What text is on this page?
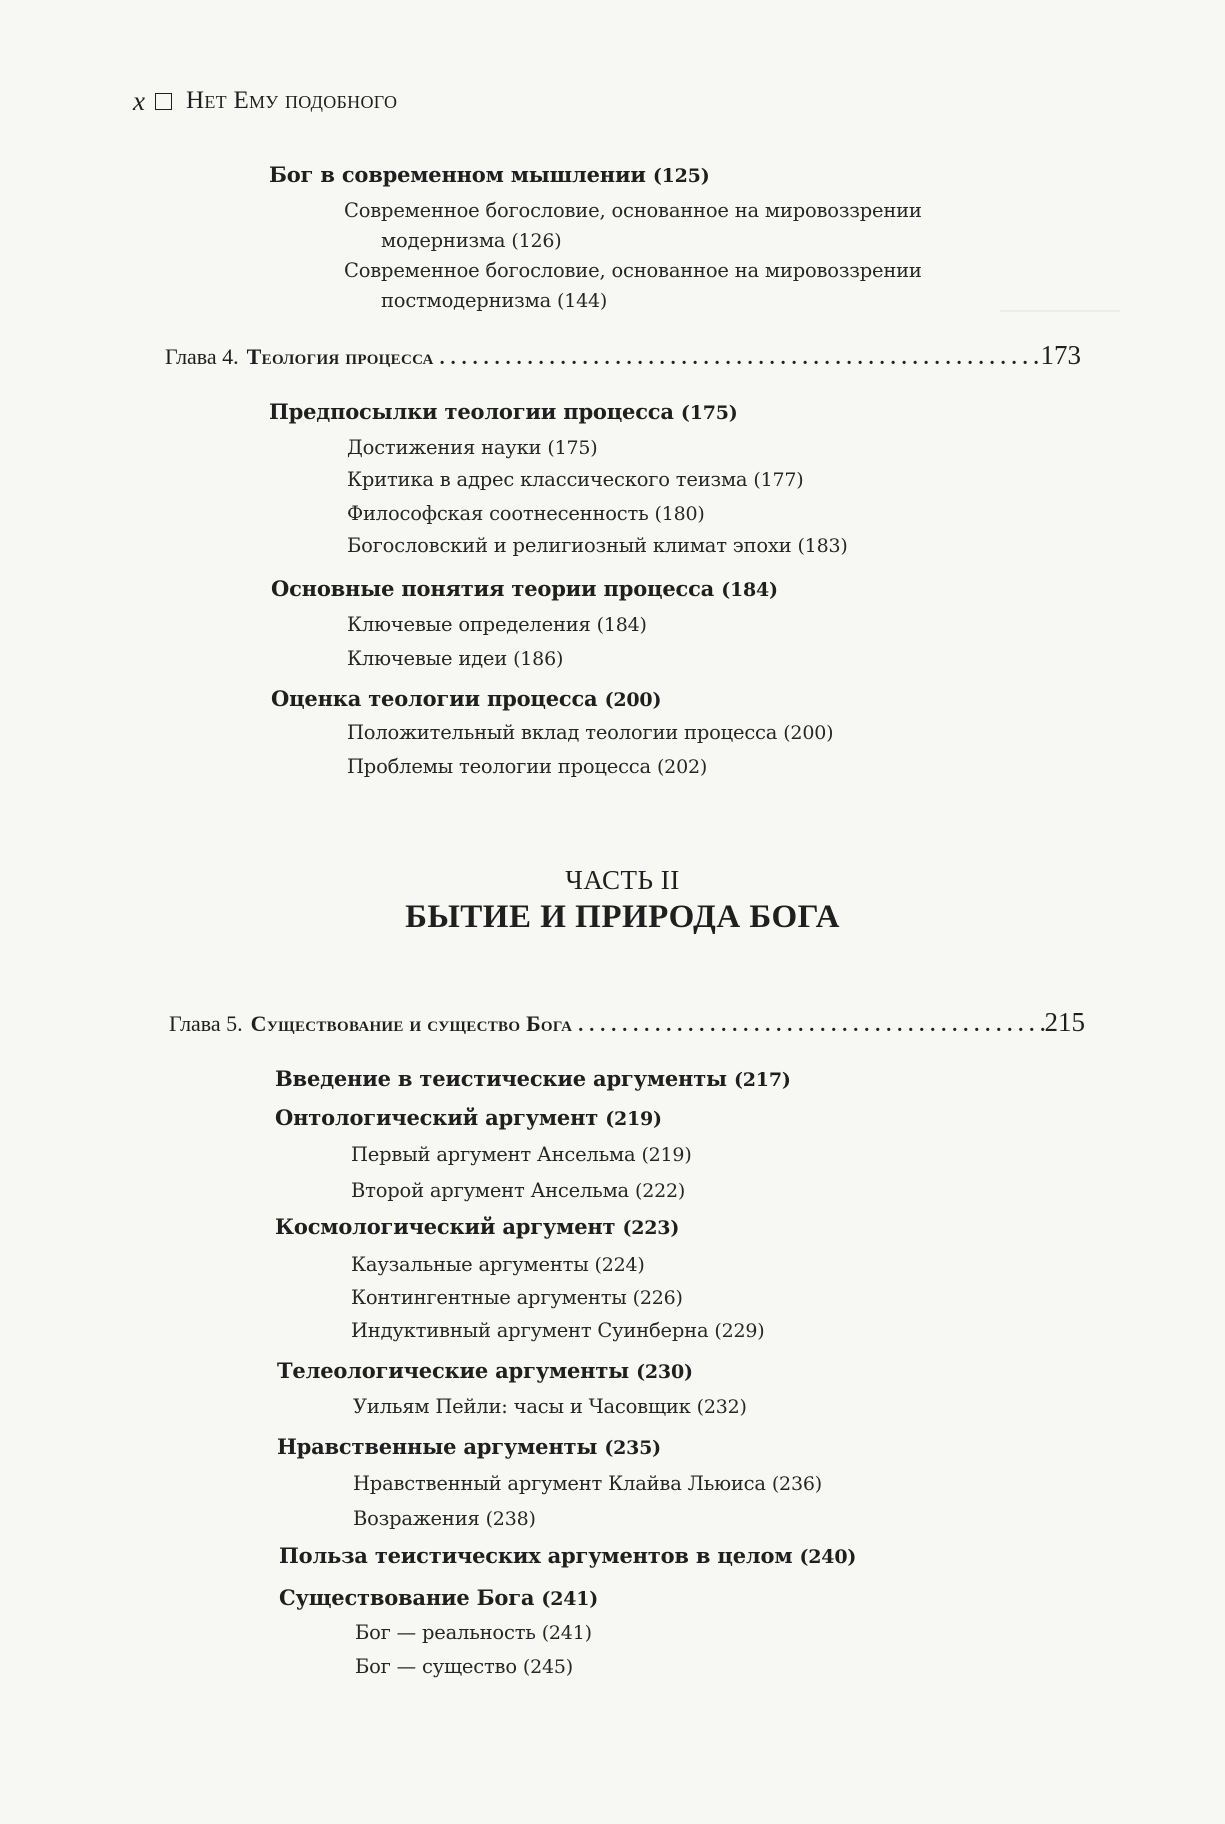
x Нет Ему подобного
Бог в современном мышлении (125)
Современное богословие, основанное на мировоззрении
модернизма (126)
Современное богословие, основанное на мировоззрении
постмодернизма (144)
Глава 4. Теология процесса . . .	173
Предпосылки теологии процесса (175)
Достижения науки (175)
Критика в адрес классического теизма (177)
Философская соотнесенность (180)
Богословский и религиозный климат эпохи (183)
Основные понятия теории процесса (184)
Ключевые определения (184)
Ключевые идеи (186)
Оценка теологии процесса (200)
Положительный вклад теологии процесса (200)
Проблемы теологии процесса (202)
ЧАСТЬ II
БЫТИЕ И ПРИРОДА БОГА
Глава 5. Существование и существо Бога . . .	215
Введение в теистические аргументы (217)
Онтологический аргумент (219)
Первый аргумент Ансельма (219)
Второй аргумент Ансельма (222)
Космологический аргумент (223)
Каузальные аргументы (224)
Контингентные аргументы (226)
Индуктивный аргумент Суинберна (229)
Телеологические аргументы (230)
Уильям Пейли: часы и Часовщик (232)
Нравственные аргументы (235)
Нравственный аргумент Клайва Льюиса (236)
Возражения (238)
Польза теистических аргументов в целом (240)
Существование Бога (241)
Бог — реальность (241)
Бог — существо (245)
